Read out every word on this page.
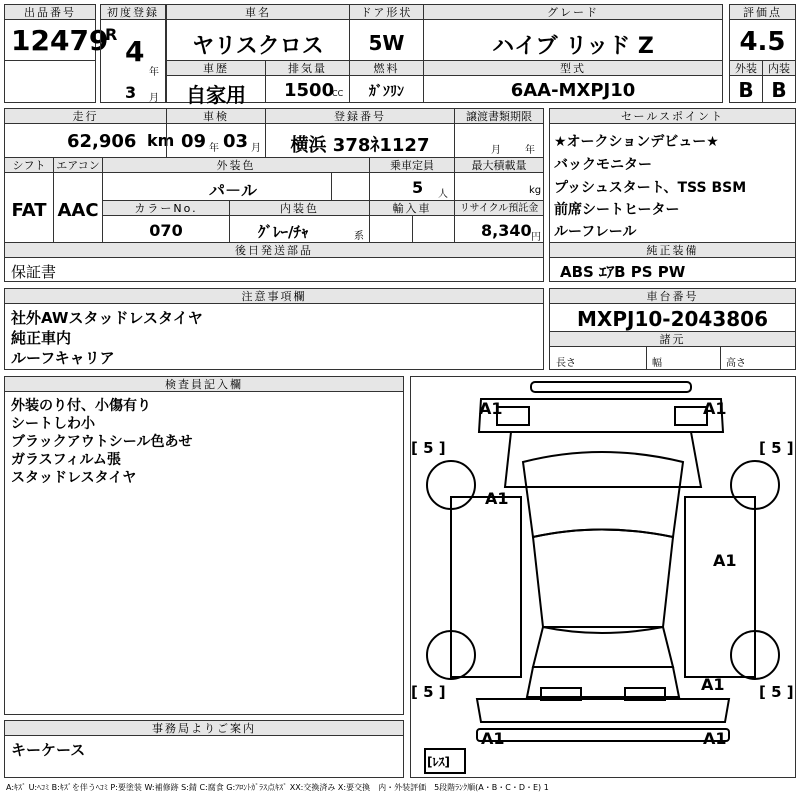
出品番号
12479
初度登録
R
4
年
3 月
車名
ヤリスクロス
ドア形状
5W
グレード
ハイブ リッド Z
評価点
4.5
車歴
自家用
排気量
1500
CC
燃料
ｶﾞｿﾘﾝ
型式
6AA-MXPJ10
外装
B
内装
B
走行
62,906 km
車検
09 年 03 月
登録番号
横浜 378ﾈ1127
譲渡書類期限
月 年
セールスポイント
★オークションデビュー★
バックモニター
プッシュスタート、TSS BSM
前席シートヒーター
ルーフレール
シフト
FAT
エアコン
AAC
外装色
パ－ル
乗車定員
5 人
最大積載量
kg
カラーNo.
070
内装色
ｸﾞﾚｰ/ﾁｬ	系
輸入車	リサイクル預託金
8,340 円
後日発送部品
保証書
純正装備
ABS ｴｱB PS PW
注意事項欄
社外AWスタッドレスタイヤ
純正車内
ルーフキャリア
車台番号
MXPJ10-2043806
諸元
長さ	幅	高さ
検査員記入欄
外装のり付、小傷有り
シートしわ小
ブラックアウトシール色あせ
ガラスフィルム張
スタッドレスタイヤ
事務局よりご案内
キーケース
A1	A1
A1
A1
A1
A1	A1
[ 5 ]	[ 5 ]
[ 5 ]	[ 5 ]
[ﾚｽ]
A:ｷｽﾞ U:ﾍｺﾐ B:ｷｽﾞを伴うﾍｺﾐ P:要塗装 W:補修跡 S:錆 C:腐食 G:ﾌﾛﾝﾄｶﾞﾗｽ点ｷｽﾞ XX:交換済み X:要交換　内・外装評価　5段階ﾗﾝｸ順(A・B・C・D・E) 1
